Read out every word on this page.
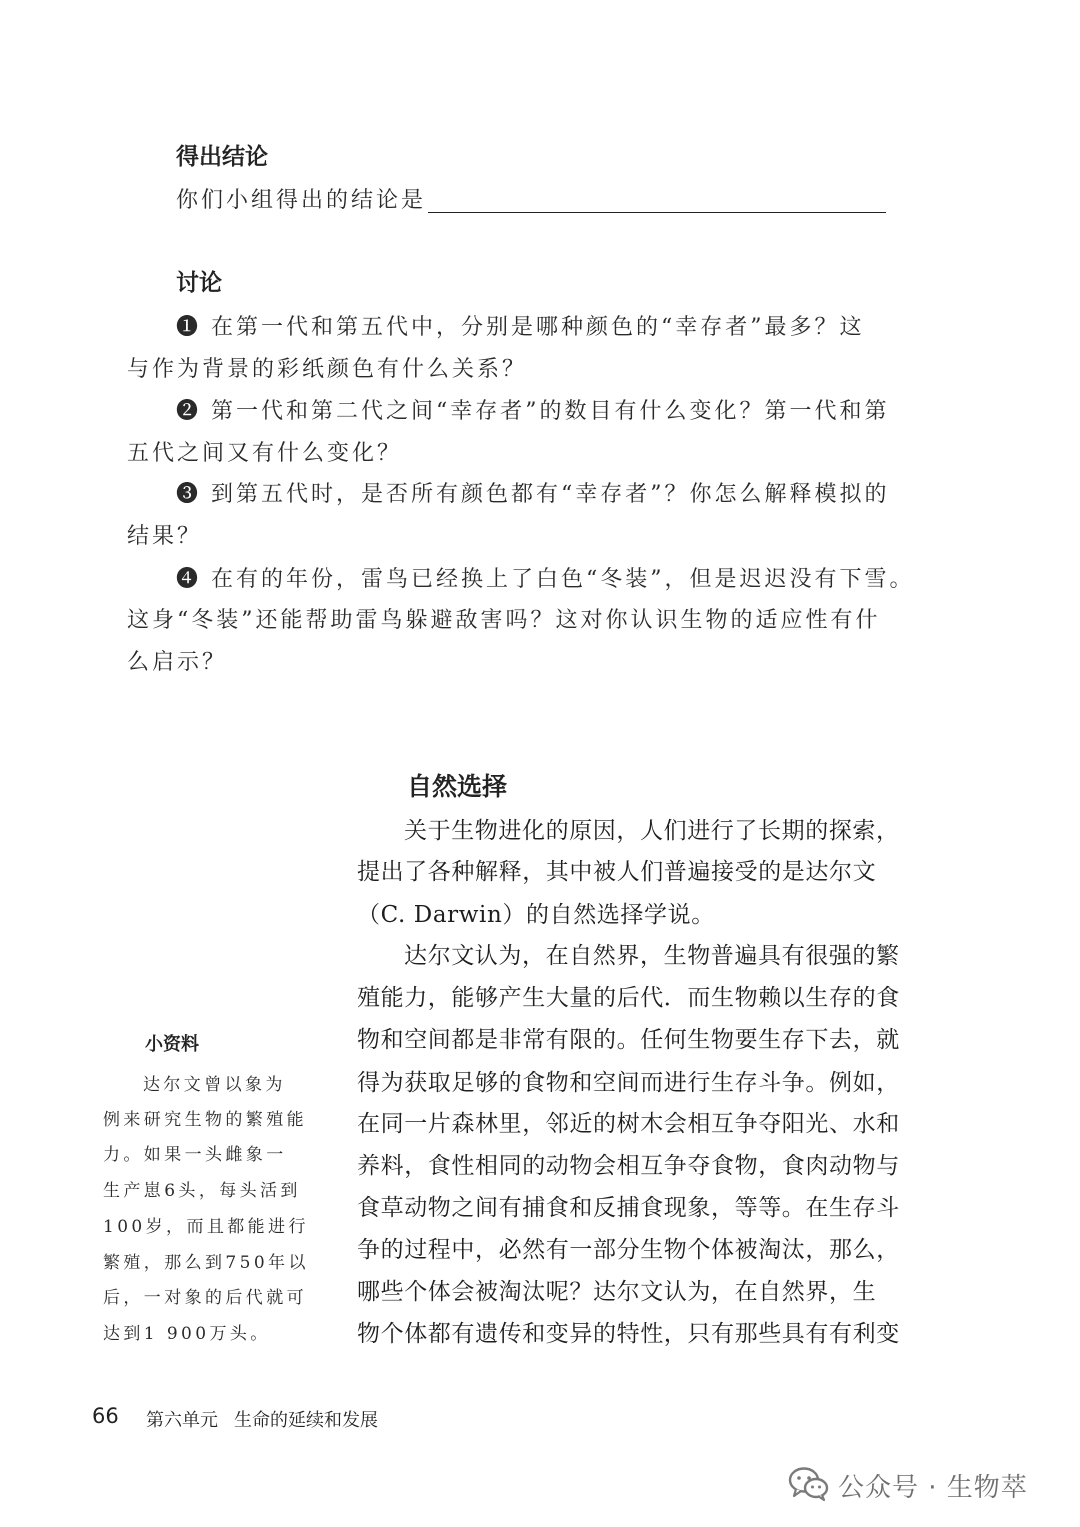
得出结论
你们小组得出的结论是
讨论
❶ 在第一代和第五代中，分别是哪种颜色的“幸存者”最多？这
与作为背景的彩纸颜色有什么关系？
❷ 第一代和第二代之间“幸存者”的数目有什么变化？第一代和第
五代之间又有什么变化？
❸ 到第五代时，是否所有颜色都有“幸存者”？你怎么解释模拟的
结果？
❹ 在有的年份，雷鸟已经换上了白色“冬装”，但是迟迟没有下雪。
这身“冬装”还能帮助雷鸟躲避敌害吗？这对你认识生物的适应性有什
么启示？
自然选择
关于生物进化的原因，人们进行了长期的探索，
提出了各种解释，其中被人们普遍接受的是达尔文
（C. Darwin）的自然选择学说。
达尔文认为，在自然界，生物普遍具有很强的繁
殖能力，能够产生大量的后代．而生物赖以生存的食
物和空间都是非常有限的。任何生物要生存下去，就
得为获取足够的食物和空间而进行生存斗争。例如，
在同一片森林里，邻近的树木会相互争夺阳光、水和
养料，食性相同的动物会相互争夺食物，食肉动物与
食草动物之间有捕食和反捕食现象，等等。在生存斗
争的过程中，必然有一部分生物个体被淘汰，那么，
哪些个体会被淘汰呢？达尔文认为，在自然界，生
物个体都有遗传和变异的特性，只有那些具有有利变
小资料
达尔文曾以象为
例来研究生物的繁殖能
力。如果一头雌象一
生产崽6头，每头活到
100岁，而且都能进行
繁殖，那么到750年以
后，一对象的后代就可
达到1 900万头。
66 第六单元 生命的延续和发展
公众号 · 生物萃
